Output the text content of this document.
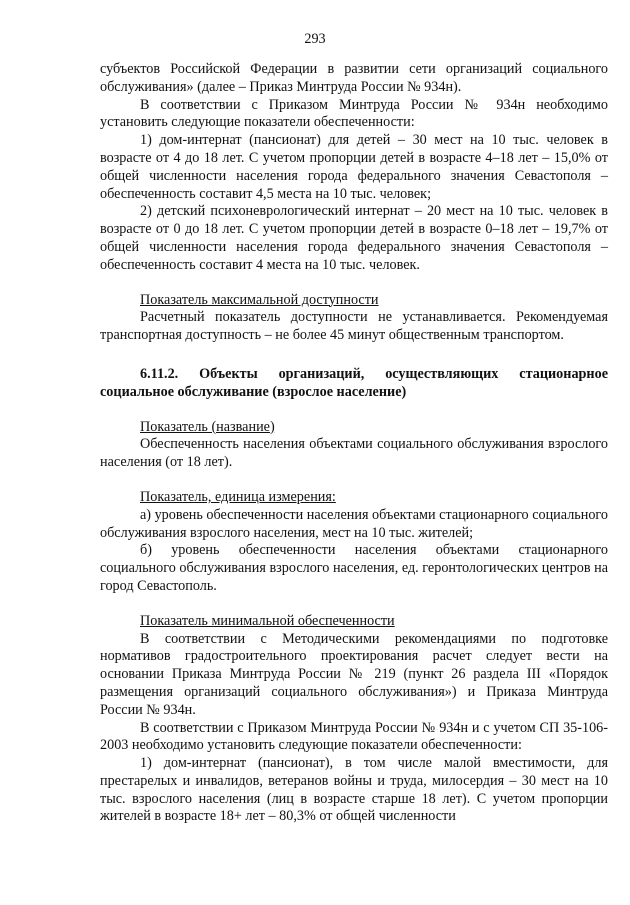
293

субъектов Российской Федерации в развитии сети организаций социального обслуживания» (далее – Приказ Минтруда России № 934н).

В соответствии с Приказом Минтруда России № 934н необходимо установить следующие показатели обеспеченности:

1) дом-интернат (пансионат) для детей – 30 мест на 10 тыс. человек в возрасте от 4 до 18 лет. С учетом пропорции детей в возрасте 4–18 лет – 15,0% от общей численности населения города федерального значения Севастополя – обеспеченность составит 4,5 места на 10 тыс. человек;

2) детский психоневрологический интернат – 20 мест на 10 тыс. человек в возрасте от 0 до 18 лет. С учетом пропорции детей в возрасте 0–18 лет – 19,7% от общей численности населения города федерального значения Севастополя – обеспеченность составит 4 места на 10 тыс. человек.

Показатель максимальной доступности

Расчетный показатель доступности не устанавливается. Рекомендуемая транспортная доступность – не более 45 минут общественным транспортом.

6.11.2. Объекты организаций, осуществляющих стационарное социальное обслуживание (взрослое население)

Показатель (название)

Обеспеченность населения объектами социального обслуживания взрослого населения (от 18 лет).

Показатель, единица измерения:

а) уровень обеспеченности населения объектами стационарного социального обслуживания взрослого населения, мест на 10 тыс. жителей;

б) уровень обеспеченности населения объектами стационарного социального обслуживания взрослого населения, ед. геронтологических центров на город Севастополь.

Показатель минимальной обеспеченности

В соответствии с Методическими рекомендациями по подготовке нормативов градостроительного проектирования расчет следует вести на основании Приказа Минтруда России № 219 (пункт 26 раздела III «Порядок размещения организаций социального обслуживания») и Приказа Минтруда России № 934н.

В соответствии с Приказом Минтруда России № 934н и с учетом СП 35-106-2003 необходимо установить следующие показатели обеспеченности:

1) дом-интернат (пансионат), в том числе малой вместимости, для престарелых и инвалидов, ветеранов войны и труда, милосердия – 30 мест на 10 тыс. взрослого населения (лиц в возрасте старше 18 лет). С учетом пропорции жителей в возрасте 18+ лет – 80,3% от общей численности
